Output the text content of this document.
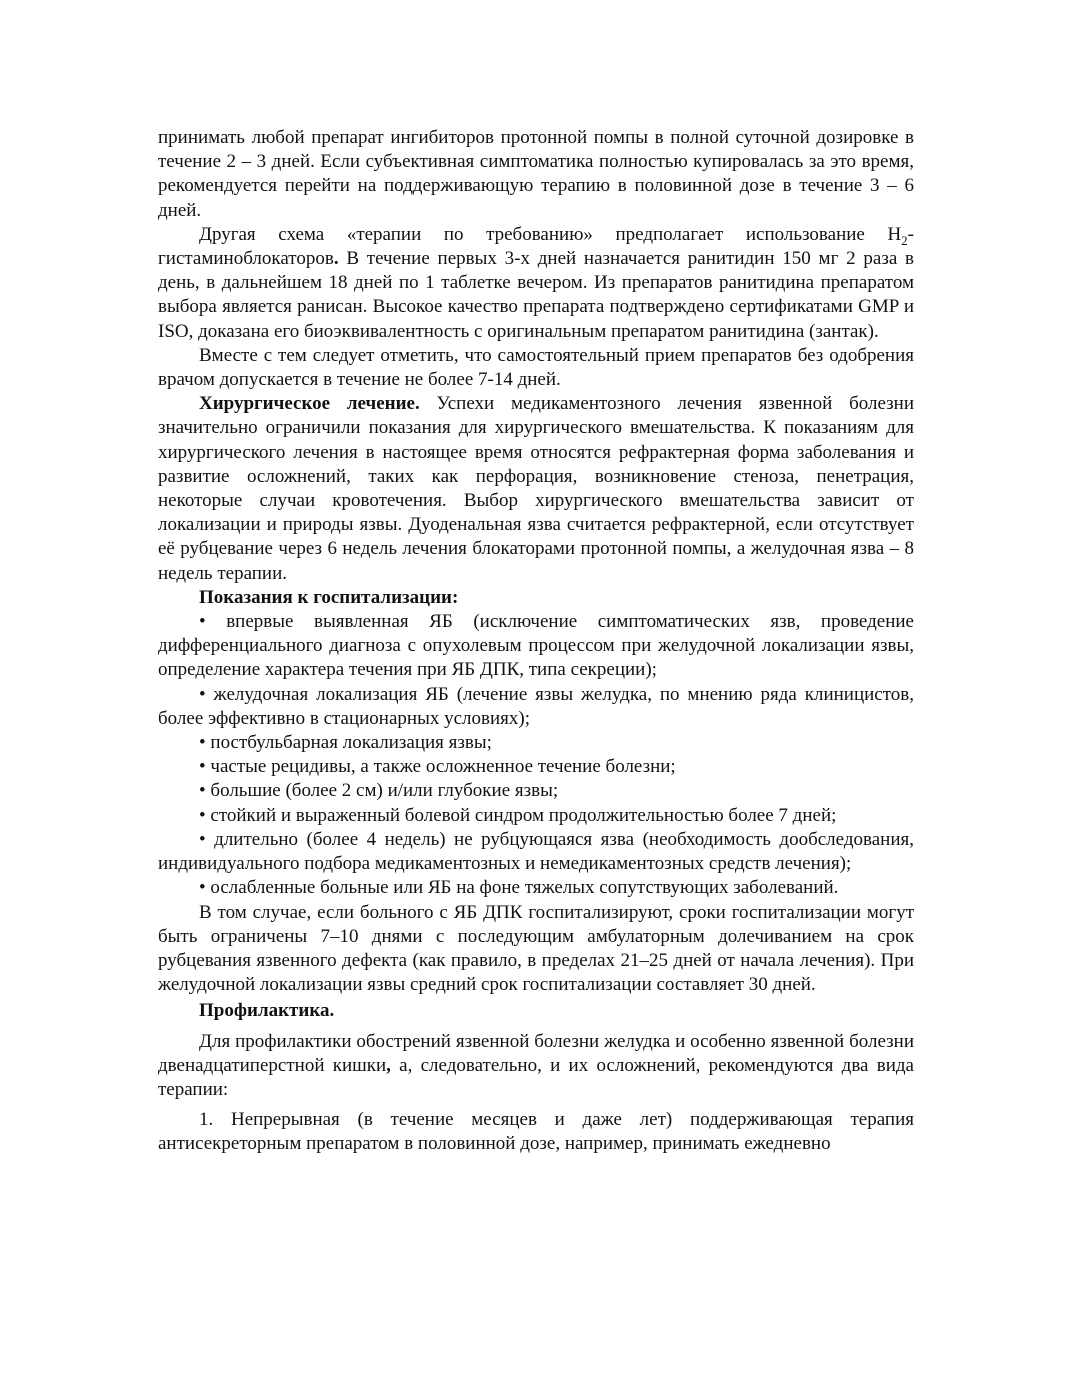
принимать любой препарат ингибиторов протонной помпы в полной суточной дозировке в течение 2 – 3 дней. Если субъективная симптоматика полностью купировалась за это время, рекомендуется перейти на поддерживающую терапию в половинной дозе в течение 3 – 6 дней.

Другая схема «терапии по требованию» предполагает использование $H_2$-гистаминоблокаторов. В течение первых 3-х дней назначается ранитидин 150 мг 2 раза в день, в дальнейшем 18 дней по 1 таблетке вечером. Из препаратов ранитидина препаратом выбора является ранисан. Высокое качество препарата подтверждено сертификатами GMP и ISO, доказана его биоэквивалентность с оригинальным препаратом ранитидина (зантак).

Вместе с тем следует отметить, что самостоятельный прием препаратов без одобрения врачом допускается в течение не более 7-14 дней.

Хирургическое лечение. Успехи медикаментозного лечения язвенной болезни значительно ограничили показания для хирургического вмешательства. К показаниям для хирургического лечения в настоящее время относятся рефрактерная форма заболевания и развитие осложнений, таких как перфорация, возникновение стеноза, пенетрация, некоторые случаи кровотечения. Выбор хирургического вмешательства зависит от локализации и природы язвы. Дуоденальная язва считается рефрактерной, если отсутствует её рубцевание через 6 недель лечения блокаторами протонной помпы, а желудочная язва – 8 недель терапии.

Показания к госпитализации:

• впервые выявленная ЯБ (исключение симптоматических язв, проведение дифференциального диагноза с опухолевым процессом при желудочной локализации язвы, определение характера течения при ЯБ ДПК, типа секреции);

• желудочная локализация ЯБ (лечение язвы желудка, по мнению ряда клиницистов, более эффективно в стационарных условиях);

• постбульбарная локализация язвы;

• частые рецидивы, а также осложненное течение болезни;

• большие (более 2 см) и/или глубокие язвы;

• стойкий и выраженный болевой синдром продолжительностью более 7 дней;

• длительно (более 4 недель) не рубцующаяся язва (необходимость дообследования, индивидуального подбора медикаментозных и немедикаментозных средств лечения);

• ослабленные больные или ЯБ на фоне тяжелых сопутствующих заболеваний.

В том случае, если больного с ЯБ ДПК госпитализируют, сроки госпитализации могут быть ограничены 7–10 днями с последующим амбулаторным долечиванием на срок рубцевания язвенного дефекта (как правило, в пределах 21–25 дней от начала лечения). При желудочной локализации язвы средний срок госпитализации составляет 30 дней.

Профилактика.

Для профилактики обострений язвенной болезни желудка и особенно язвенной болезни двенадцатиперстной кишки, а, следовательно, и их осложнений, рекомендуются два вида терапии:

1. Непрерывная (в течение месяцев и даже лет) поддерживающая терапия антисекреторным препаратом в половинной дозе, например, принимать ежедневно
